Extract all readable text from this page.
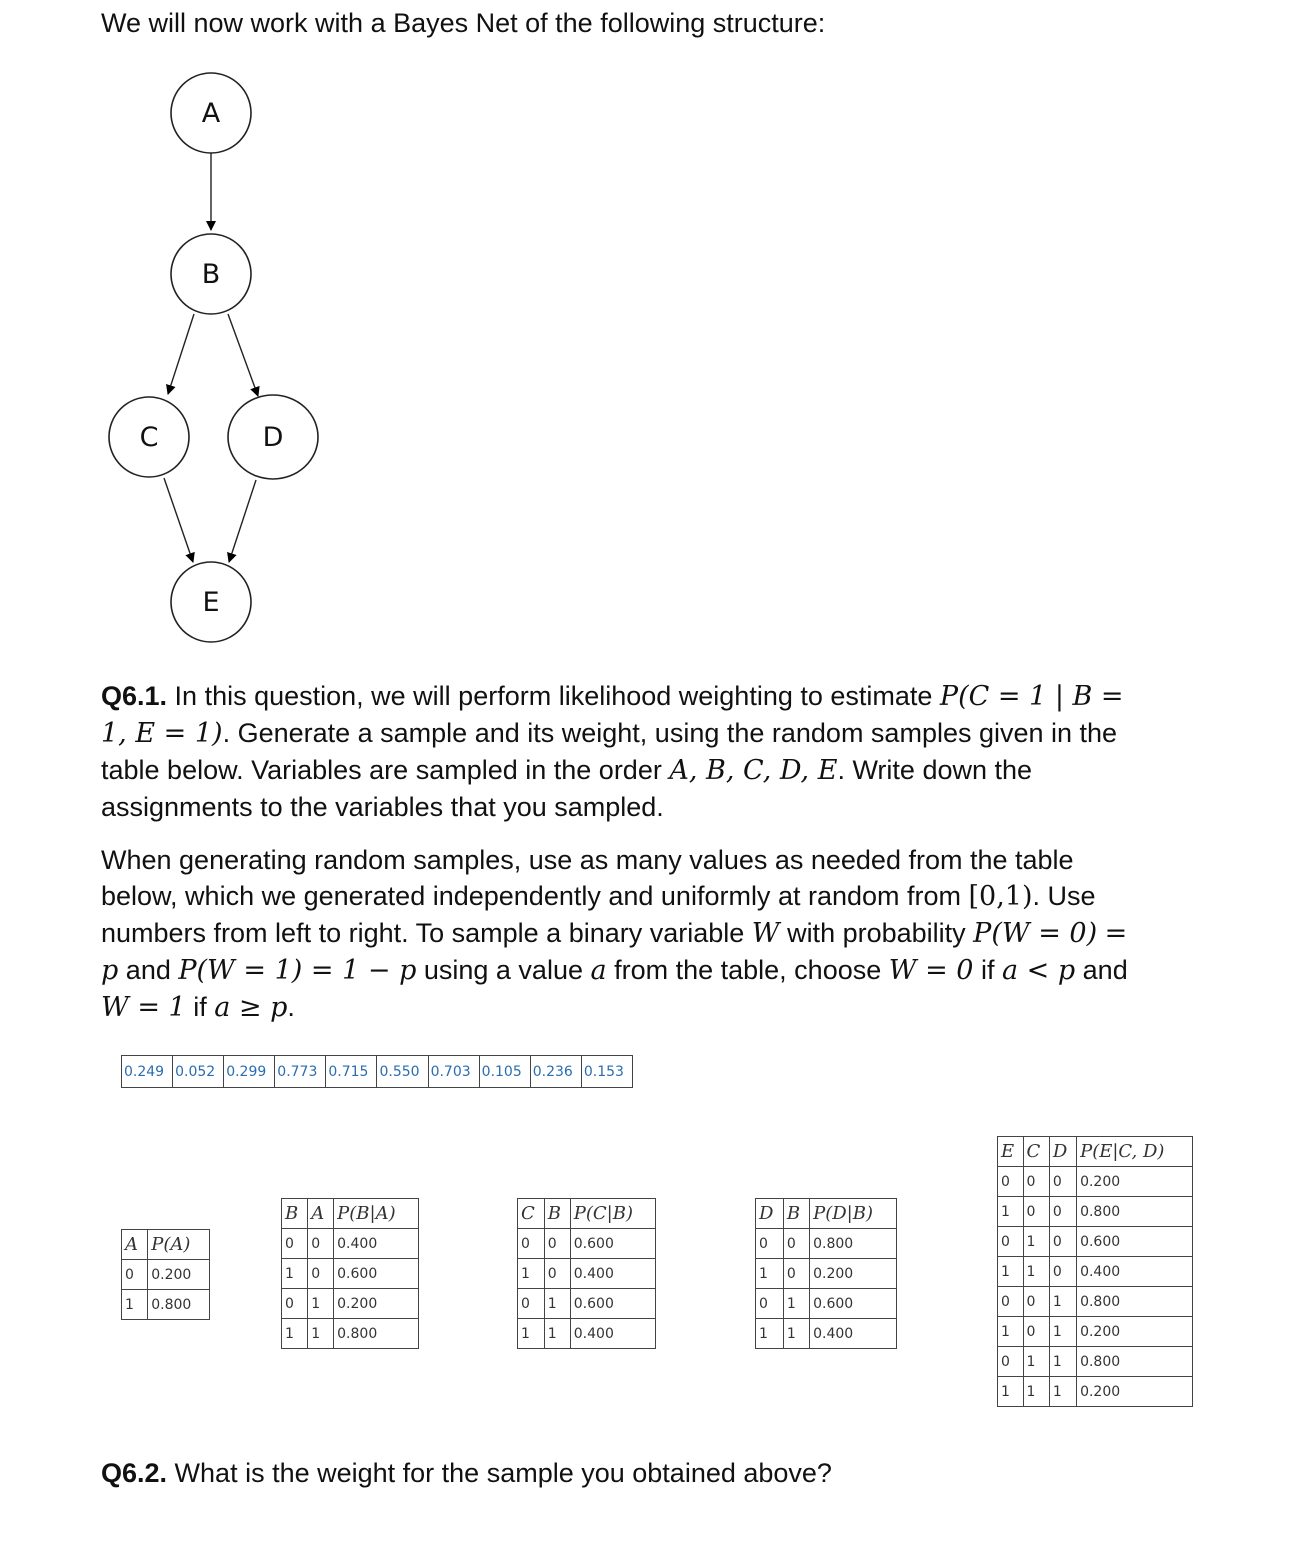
We will now work with a Bayes Net of the following structure:

A
B
C	D
E

Q6.1. In this question, we will perform likelihood weighting to estimate P(C = 1 | B =

1, E = 1). Generate a sample and its weight, using the random samples given in the

table below. Variables are sampled in the order A, B, C, D, E. Write down the

assignments to the variables that you sampled.

When generating random samples, use as many values as needed from the table

below, which we generated independently and uniformly at random from [0,1). Use

numbers from left to right. To sample a binary variable W with probability P(W = 0) =

p and P(W = 1) = 1 − p using a value a from the table, choose W = 0 if a < p and

W = 1 if a ≥ p.

0.249	0.052	0.299	0.773	0.715	0.550	0.703	0.105	0.236	0.153
A	P(A)
0	0.200
1	0.800
B	A	P(B|A)
0	0	0.400
1	0	0.600
0	1	0.200
1	1	0.800
C	B	P(C|B)
0	0	0.600
1	0	0.400
0	1	0.600
1	1	0.400
D	B	P(D|B)
0	0	0.800
1	0	0.200
0	1	0.600
1	1	0.400
E	C	D	P(E|C, D)
0	0	0	0.200
1	0	0	0.800
0	1	0	0.600
1	1	0	0.400
0	0	1	0.800
1	0	1	0.200
0	1	1	0.800
1	1	1	0.200

Q6.2. What is the weight for the sample you obtained above?
